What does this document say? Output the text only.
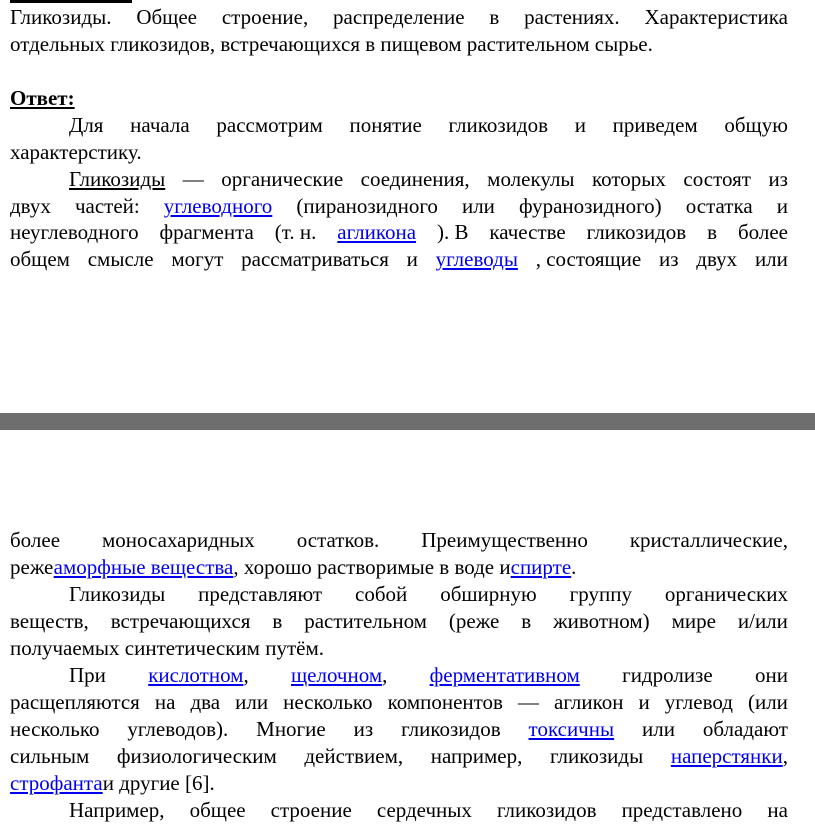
Гликозиды. Общее строение, распределение в растениях. Характеристика
отдельных гликозидов, встречающихся в пищевом растительном сырье.
Ответ:
Для начала рассмотрим понятие гликозидов и приведем общую
характерстику.
Гликозиды — органические соединения, молекулы которых состоят из
двух частей: углеводного (пиранозидного или фуранозидного) остатка и
неуглеводного фрагмента (т. н. агликона ). В качестве гликозидов в более
общем смысле могут рассматриваться и углеводы , состоящие из двух или
более моносахаридных остатков. Преимущественно кристаллические,
режеаморфные вещества, хорошо растворимые в воде испирте.
Гликозиды представляют собой обширную группу органических
веществ, встречающихся в растительном (реже в животном) мире и/или
получаемых синтетическим путём.
При кислотном, щелочном, ферментативном гидролизе они
расщепляются на два или несколько компонентов — агликон и углевод (или
несколько углеводов). Многие из гликозидов токсичны или обладают
сильным физиологическим действием, например, гликозиды наперстянки,
строфантаи другие [6].
Например, общее строение сердечных гликозидов представлено на
